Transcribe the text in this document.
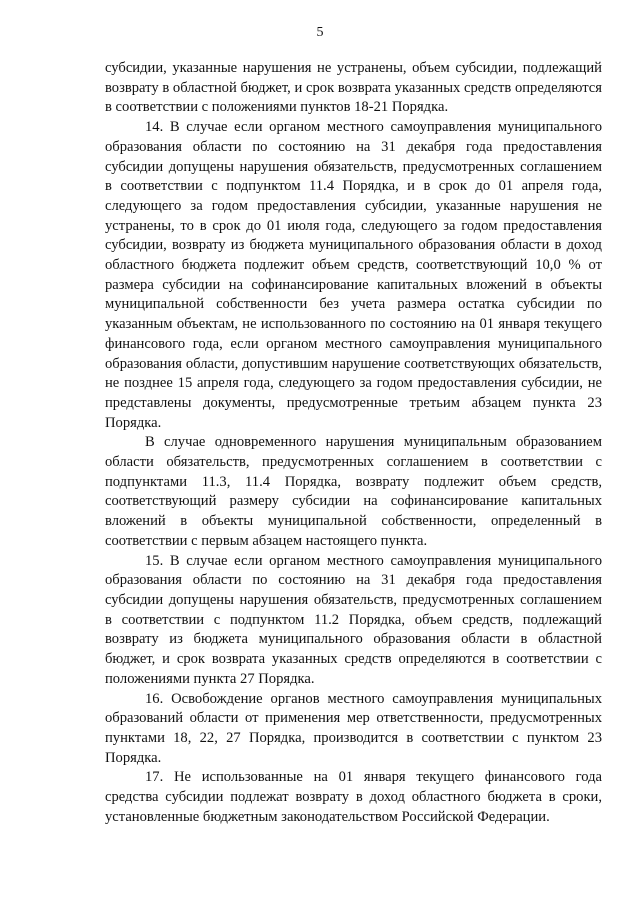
5

субсидии, указанные нарушения не устранены, объем субсидии, подлежащий возврату в областной бюджет, и срок возврата указанных средств определяются в соответствии с положениями пунктов 18-21 Порядка.

14. В случае если органом местного самоуправления муниципального образования области по состоянию на 31 декабря года предоставления субсидии допущены нарушения обязательств, предусмотренных соглашением в соответствии с подпунктом 11.4 Порядка, и в срок до 01 апреля года, следующего за годом предоставления субсидии, указанные нарушения не устранены, то в срок до 01 июля года, следующего за годом предоставления субсидии, возврату из бюджета муниципального образования области в доход областного бюджета подлежит объем средств, соответствующий 10,0 % от размера субсидии на софинансирование капитальных вложений в объекты муниципальной собственности без учета размера остатка субсидии по указанным объектам, не использованного по состоянию на 01 января текущего финансового года, если органом местного самоуправления муниципального образования области, допустившим нарушение соответствующих обязательств, не позднее 15 апреля года, следующего за годом предоставления субсидии, не представлены документы, предусмотренные третьим абзацем пункта 23 Порядка.

В случае одновременного нарушения муниципальным образованием области обязательств, предусмотренных соглашением в соответствии с подпунктами 11.3, 11.4 Порядка, возврату подлежит объем средств, соответствующий размеру субсидии на софинансирование капитальных вложений в объекты муниципальной собственности, определенный в соответствии с первым абзацем настоящего пункта.

15. В случае если органом местного самоуправления муниципального образования области по состоянию на 31 декабря года предоставления субсидии допущены нарушения обязательств, предусмотренных соглашением в соответствии с подпунктом 11.2 Порядка, объем средств, подлежащий возврату из бюджета муниципального образования области в областной бюджет, и срок возврата указанных средств определяются в соответствии с положениями пункта 27 Порядка.

16. Освобождение органов местного самоуправления муниципальных образований области от применения мер ответственности, предусмотренных пунктами 18, 22, 27 Порядка, производится в соответствии с пунктом 23 Порядка.

17. Не использованные на 01 января текущего финансового года средства субсидии подлежат возврату в доход областного бюджета в сроки, установленные бюджетным законодательством Российской Федерации.
